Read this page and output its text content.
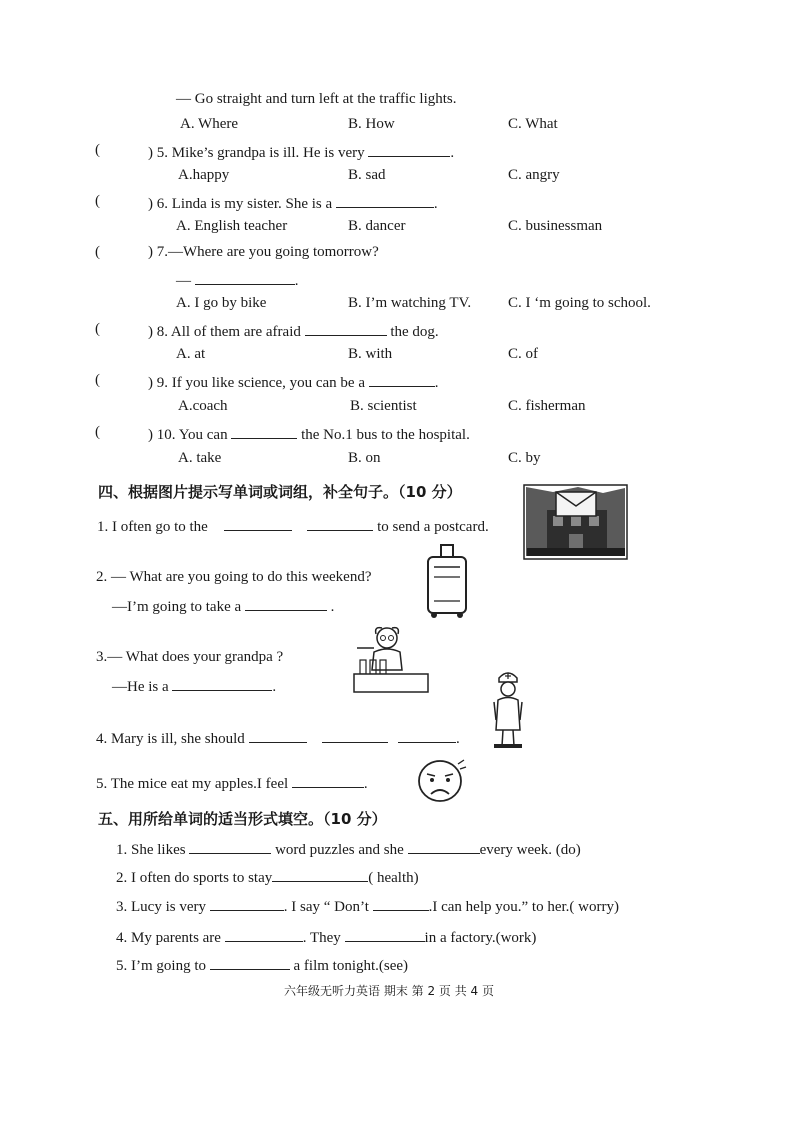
— Go straight and turn left at the traffic lights.
A. Where	B. How	C. What
(	) 5. Mike’s grandpa is ill. He is very	.
A.happy	B. sad	C. angry
(	) 6. Linda is my sister. She is a	.
A. English teacher	B. dancer	C. businessman
(	) 7.—Where are you going tomorrow?
—	.
A. I go by bike	B. I’m watching TV. C. I ‘m going to school.
(	) 8. All of them are afraid	the dog.
A. at	B. with	C. of
(	) 9. If you like science, you can be a	.
A.coach	B. scientist	C. fisherman
(	) 10. You can	the No.1 bus to the hospital.
A. take	B. on	C. by
四、根据图片提示写单词或词组，补全句子。（10 分）
1. I often go to the	to send a postcard.
2. — What are you going to do this weekend?
—I’m going to take a	.
3.— What does your grandpa ?
—He is a	.
4. Mary is ill, she should	.
5. The mice eat my apples.I feel	.
五、用所给单词的适当形式填空。（10 分）
1. She likes	word puzzles and she	every week. (do)
2. I often do sports to stay	( health)
3. Lucy is very	. I say “ Don’t	.I can help you.” to her.( worry)
4. My parents are	. They	in a factory.(work)
5. I’m going to	a film tonight.(see)
六年级无听力英语 期末 第 2 页 共 4 页
